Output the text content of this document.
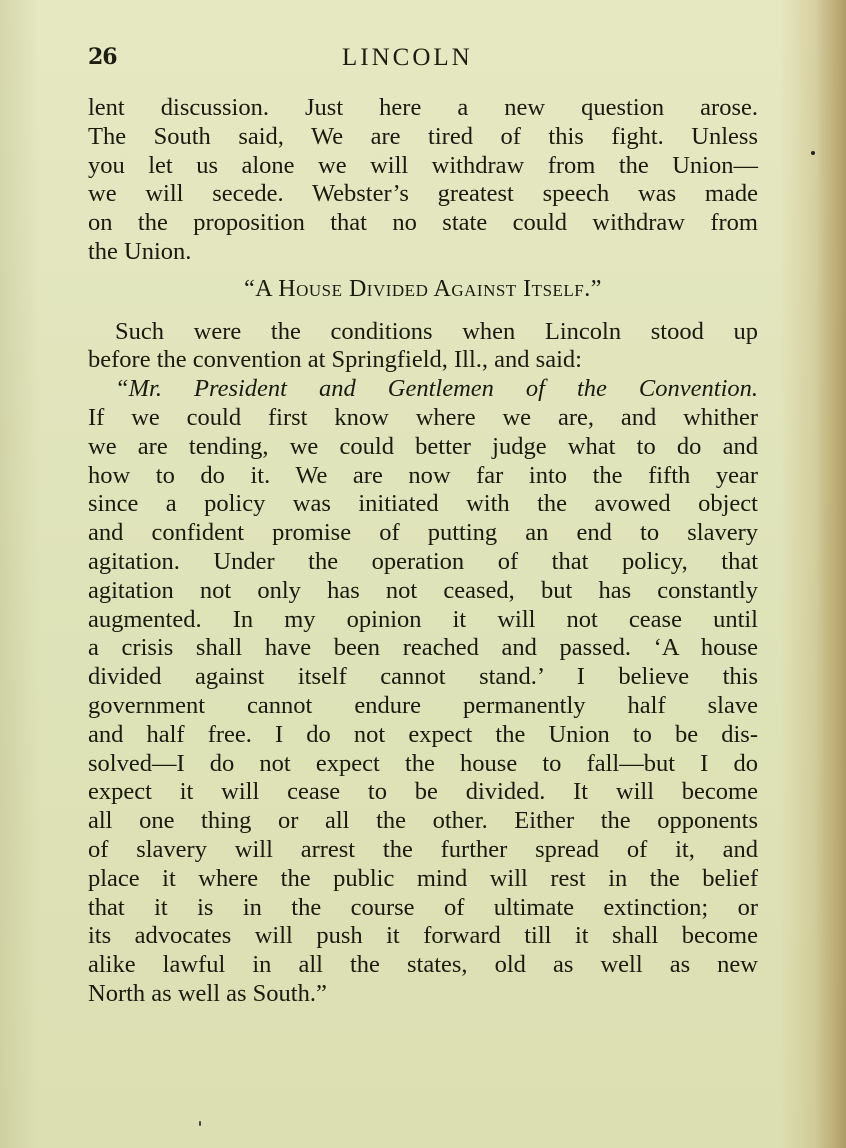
26	LINCOLN
lent discussion. Just here a new question arose.
The South said, We are tired of this fight. Unless
you let us alone we will withdraw from the Union—
we will secede. Webster’s greatest speech was made
on the proposition that no state could withdraw from
the Union.
“A House Divided Against Itself.”
Such were the conditions when Lincoln stood up
before the convention at Springfield, Ill., and said:
“Mr. President and Gentlemen of the Convention.
If we could first know where we are, and whither
we are tending, we could better judge what to do and
how to do it. We are now far into the fifth year
since a policy was initiated with the avowed object
and confident promise of putting an end to slavery
agitation. Under the operation of that policy, that
agitation not only has not ceased, but has constantly
augmented. In my opinion it will not cease until
a crisis shall have been reached and passed. ‘A house
divided against itself cannot stand.’ I believe this
government cannot endure permanently half slave
and half free. I do not expect the Union to be dis-
solved—I do not expect the house to fall—but I do
expect it will cease to be divided. It will become
all one thing or all the other. Either the opponents
of slavery will arrest the further spread of it, and
place it where the public mind will rest in the belief
that it is in the course of ultimate extinction; or
its advocates will push it forward till it shall become
alike lawful in all the states, old as well as new
North as well as South.”
